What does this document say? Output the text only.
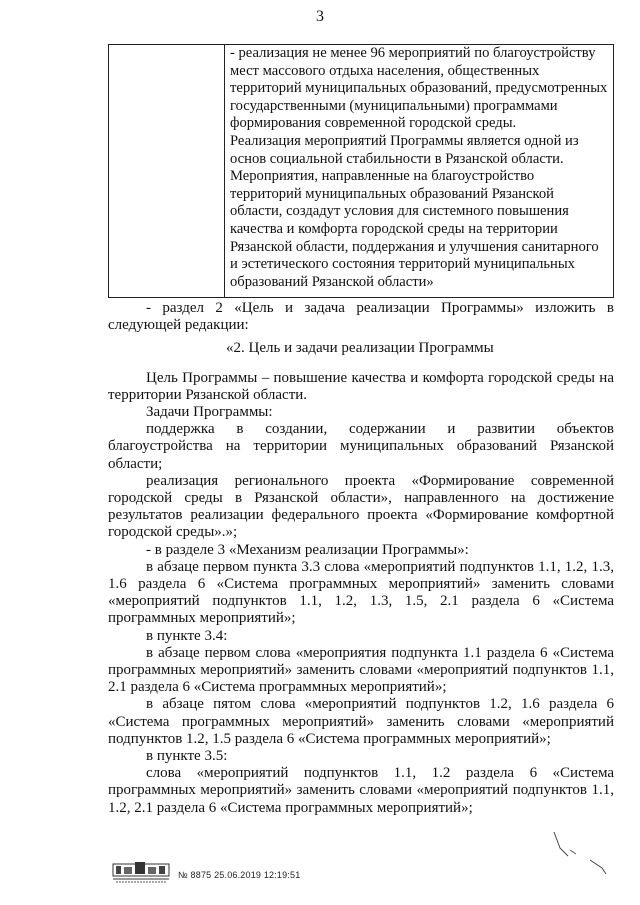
3

- реализация не менее 96 мероприятий по благоустройству мест массового отдыха населения, общественных территорий муниципальных образований, предусмотренных государственными (муниципальными) программами формирования современной городской среды.

Реализация мероприятий Программы является одной из основ социальной стабильности в Рязанской области.

Мероприятия, направленные на благоустройство территорий муниципальных образований Рязанской области, создадут условия для системного повышения качества и комфорта городской среды на территории Рязанской области, поддержания и улучшения санитарного и эстетического состояния территорий муниципальных образований Рязанской области»

- раздел 2 «Цель и задача реализации Программы» изложить в следующей редакции:

«2. Цель и задачи реализации Программы

Цель Программы – повышение качества и комфорта городской среды на территории Рязанской области.

Задачи Программы:

поддержка в создании, содержании и развитии объектов благоустройства на территории муниципальных образований Рязанской области;

реализация регионального проекта «Формирование современной городской среды в Рязанской области», направленного на достижение результатов реализации федерального проекта «Формирование комфортной городской среды».»;

- в разделе 3 «Механизм реализации Программы»:

в абзаце первом пункта 3.3 слова «мероприятий подпунктов 1.1, 1.2, 1.3, 1.6 раздела 6 «Система программных мероприятий» заменить словами «мероприятий подпунктов 1.1, 1.2, 1.3, 1.5, 2.1 раздела 6 «Система программных мероприятий»;

в пункте 3.4:

в абзаце первом слова «мероприятия подпункта 1.1 раздела 6 «Система программных мероприятий» заменить словами «мероприятий подпунктов 1.1, 2.1 раздела 6 «Система программных мероприятий»;

в абзаце пятом слова «мероприятий подпунктов 1.2, 1.6 раздела 6 «Система программных мероприятий» заменить словами «мероприятий подпунктов 1.2, 1.5 раздела 6 «Система программных мероприятий»;

в пункте 3.5:

слова «мероприятий подпунктов 1.1, 1.2 раздела 6 «Система программных мероприятий» заменить словами «мероприятий подпунктов 1.1, 1.2, 2.1 раздела 6 «Система программных мероприятий»;

№ 8875 25.06.2019 12:19:51
